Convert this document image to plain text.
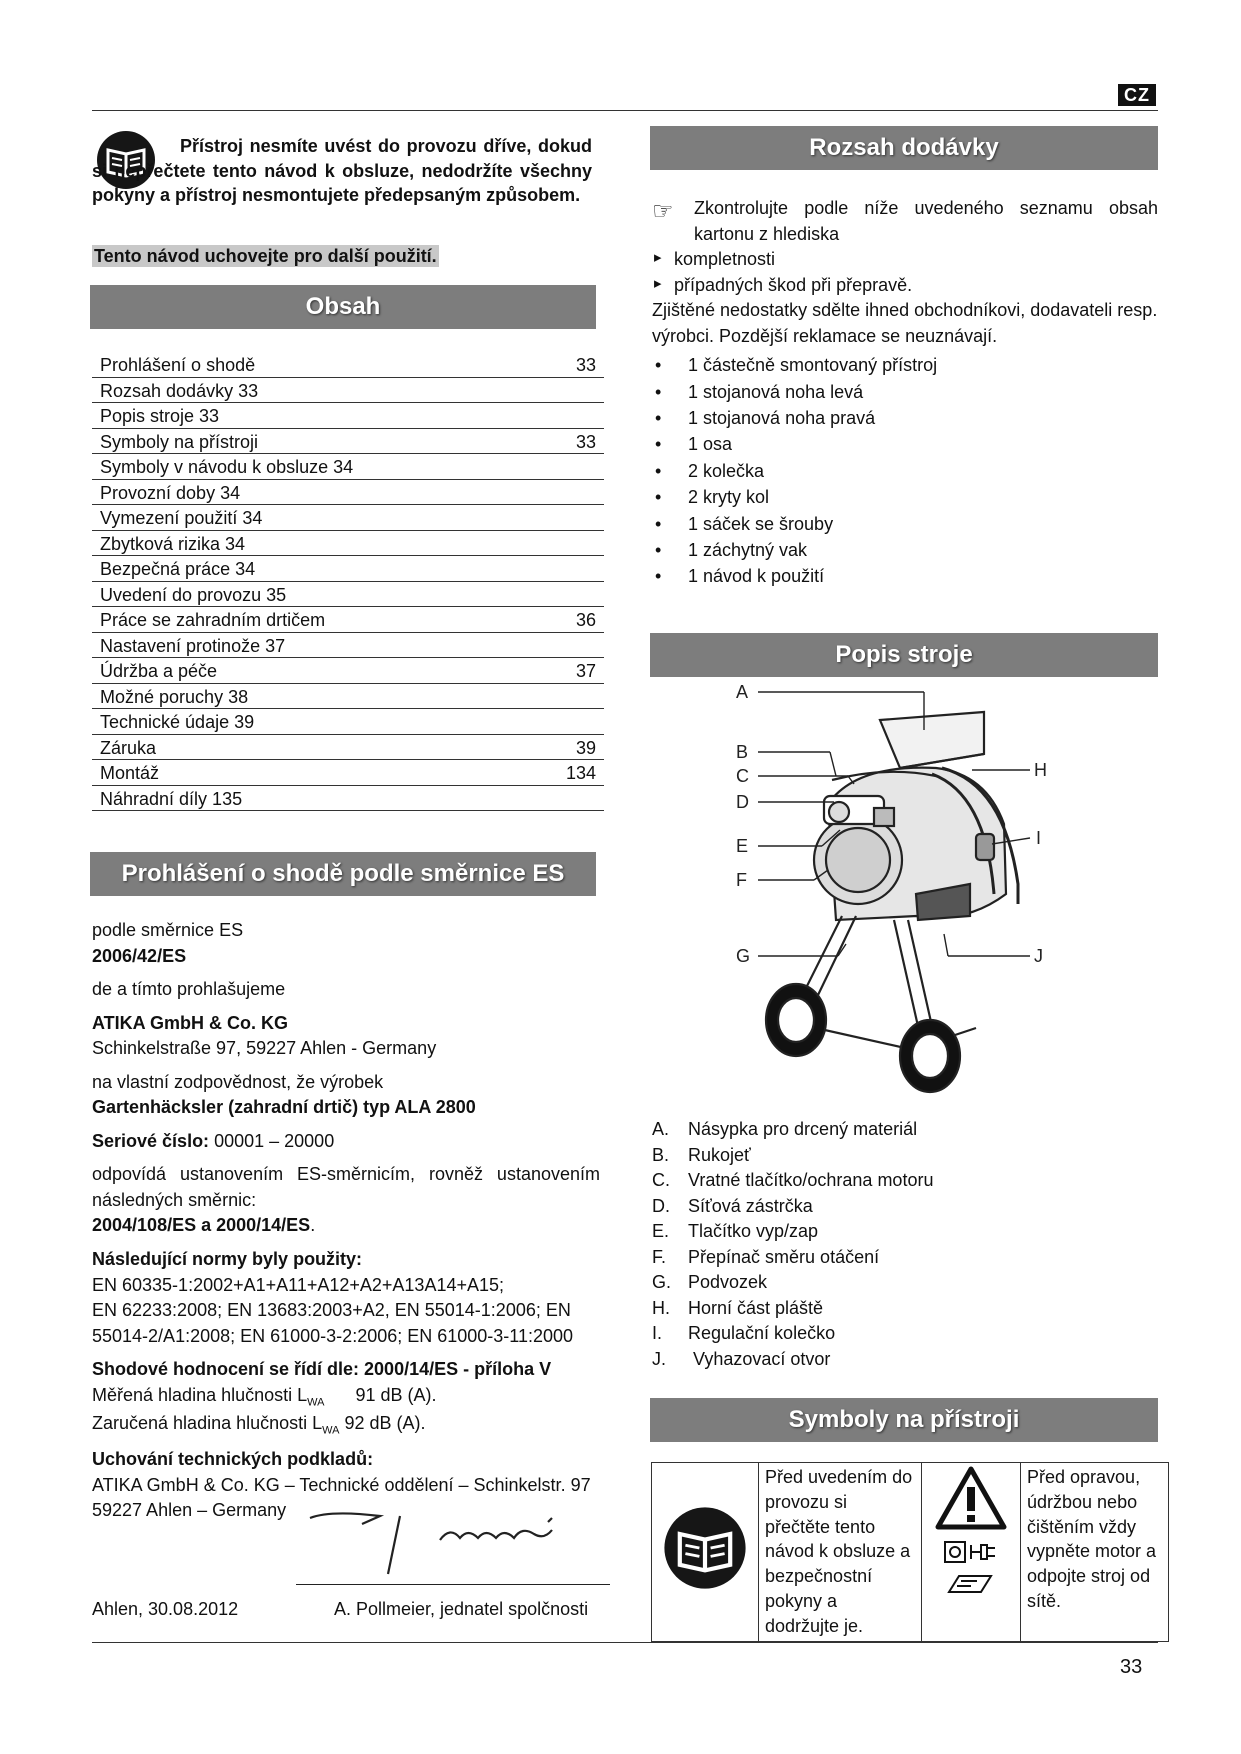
CZ
Přístroj nesmíte uvést do provozu dříve, dokud si nepřečtete tento návod k obsluze, nedodržíte všechny pokyny a přístroj nesmontujete předepsaným způsobem.
Tento návod uchovejte pro další použití.
Obsah
Prohlášení o shodě	33
Rozsah dodávky 33
Popis stroje 33
Symboly na přístroji	33
Symboly v návodu k obsluze 34
Provozní doby 34
Vymezení použití 34
Zbytková rizika 34
Bezpečná práce 34
Uvedení do provozu 35
Práce se zahradním drtičem	36
Nastavení protinože 37
Údržba a péče	37
Možné poruchy 38
Technické údaje 39
Záruka	39
Montáž	134
Náhradní díly 135
Prohlášení o shodě podle směrnice ES
podle směrnice ES
2006/42/ES
de a tímto prohlašujeme
ATIKA GmbH & Co. KG
Schinkelstraße 97, 59227 Ahlen - Germany
na vlastní zodpovědnost, že výrobek
Gartenhäcksler (zahradní drtič) typ ALA 2800
Seriové číslo: 00001 – 20000
odpovídá ustanovením ES-směrnicím, rovněž ustanovením následných směrnic:
2004/108/ES a 2000/14/ES.
Následující normy byly použity:
EN 60335-1:2002+A1+A11+A12+A2+A13A14+A15;
EN 62233:2008; EN 13683:2003+A2, EN 55014-1:2006; EN 55014-2/A1:2008; EN 61000-3-2:2006; EN 61000-3-11:2000
Shodové hodnocení se řídí dle: 2000/14/ES - příloha V
Měřená hladina hlučnosti $L_{WA}$ 91 dB (A).
Zaručená hladina hlučnosti $L_{WA}$ 92 dB (A).
Uchování technických podkladů:
ATIKA GmbH & Co. KG – Technické oddělení – Schinkelstr. 97 59227 Ahlen – Germany
Ahlen, 30.08.2012	A. Pollmeier, jednatel spolčnosti
Rozsah dodávky
☞ Zkontrolujte podle níže uvedeného seznamu obsah kartonu z hlediska
▸ kompletnosti
▸ případných škod při přepravě.
Zjištěné nedostatky sdělte ihned obchodníkovi, dodavateli resp. výrobci. Pozdější reklamace se neuznávají.
• 1 částečně smontovaný přístroj
• 1 stojanová noha levá
• 1 stojanová noha pravá
• 1 osa
• 2 kolečka
• 2 kryty kol
• 1 sáček se šrouby
• 1 záchytný vak
• 1 návod k použití
Popis stroje
A
B
C
D
E
F
G
H
I
J
A.	Násypka pro drcený materiál
B.	Rukojeť
C.	Vratné tlačítko/ochrana motoru
D.	Síťová zástrčka
E.	Tlačítko vyp/zap
F.	Přepínač směru otáčení
G. Podvozek
H.	Horní část pláště
I.	Regulační kolečko
J.	Vyhazovací otvor
Symboly na přístroji
	Před uvedením do provozu si přečtěte tento návod k obsluze a bezpečnostní pokyny a dodržujte je.	
	Před opravou, údržbou nebo čištěním vždy vypněte motor a odpojte stroj od sítě.
33
